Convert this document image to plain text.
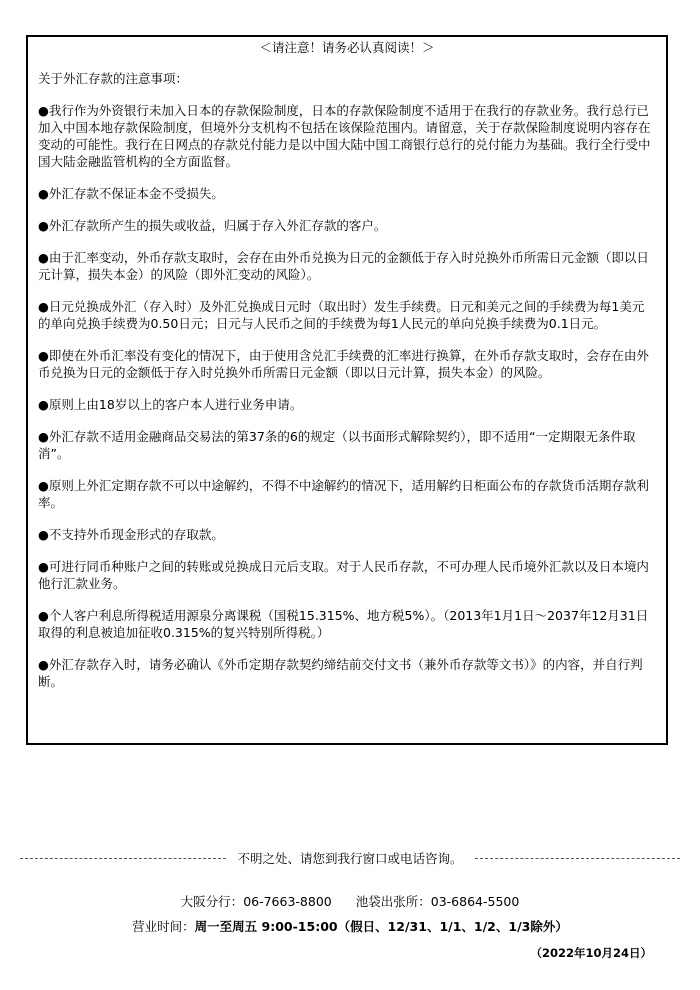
＜请注意！请务必认真阅读！＞
关于外汇存款的注意事项：
●我行作为外资银行未加入日本的存款保险制度，日本的存款保险制度不适用于在我行的存款业务。我行总行已加入中国本地存款保险制度，但境外分支机构不包括在该保险范围内。请留意，关于存款保险制度说明内容存在变动的可能性。我行在日网点的存款兑付能力是以中国大陆中国工商银行总行的兑付能力为基础。我行全行受中国大陆金融监管机构的全方面监督。
●外汇存款不保证本金不受损失。
●外汇存款所产生的损失或收益，归属于存入外汇存款的客户。
●由于汇率变动，外币存款支取时，会存在由外币兑换为日元的金额低于存入时兑换外币所需日元金额（即以日元计算，损失本金）的风险（即外汇变动的风险）。
●日元兑换成外汇（存入时）及外汇兑换成日元时（取出时）发生手续费。日元和美元之间的手续费为每1美元的单向兑换手续费为0.50日元；日元与人民币之间的手续费为每1人民元的单向兑换手续费为0.1日元。
●即使在外币汇率没有变化的情况下，由于使用含兑汇手续费的汇率进行换算，在外币存款支取时，会存在由外币兑换为日元的金额低于存入时兑换外币所需日元金额（即以日元计算，损失本金）的风险。
●原则上由18岁以上的客户本人进行业务申请。
●外汇存款不适用金融商品交易法的第37条的6的规定（以书面形式解除契约），即不适用“一定期限无条件取消”。
●原则上外汇定期存款不可以中途解约，不得不中途解约的情况下，适用解约日柜面公布的存款货币活期存款利率。
●不支持外币现金形式的存取款。
●可进行同币种账户之间的转账或兑换成日元后支取。对于人民币存款，不可办理人民币境外汇款以及日本境内他行汇款业务。
●个人客户利息所得税适用源泉分离课税（国税15.315%、地方税5%）。（2013年1月1日～2037年12月31日取得的利息被追加征收0.315%的复兴特别所得税。）
●外汇存款存入时，请务必确认《外币定期存款契约缔结前交付文书（兼外币存款等文书）》的内容，并自行判断。
不明之处、请您到我行窗口或电话咨询。
大阪分行：06-7663-8800 池袋出张所：03-6864-5500
营业时间：周一至周五 9:00-15:00（假日、12/31、1/1、1/2、1/3除外）
（2022年10月24日）
